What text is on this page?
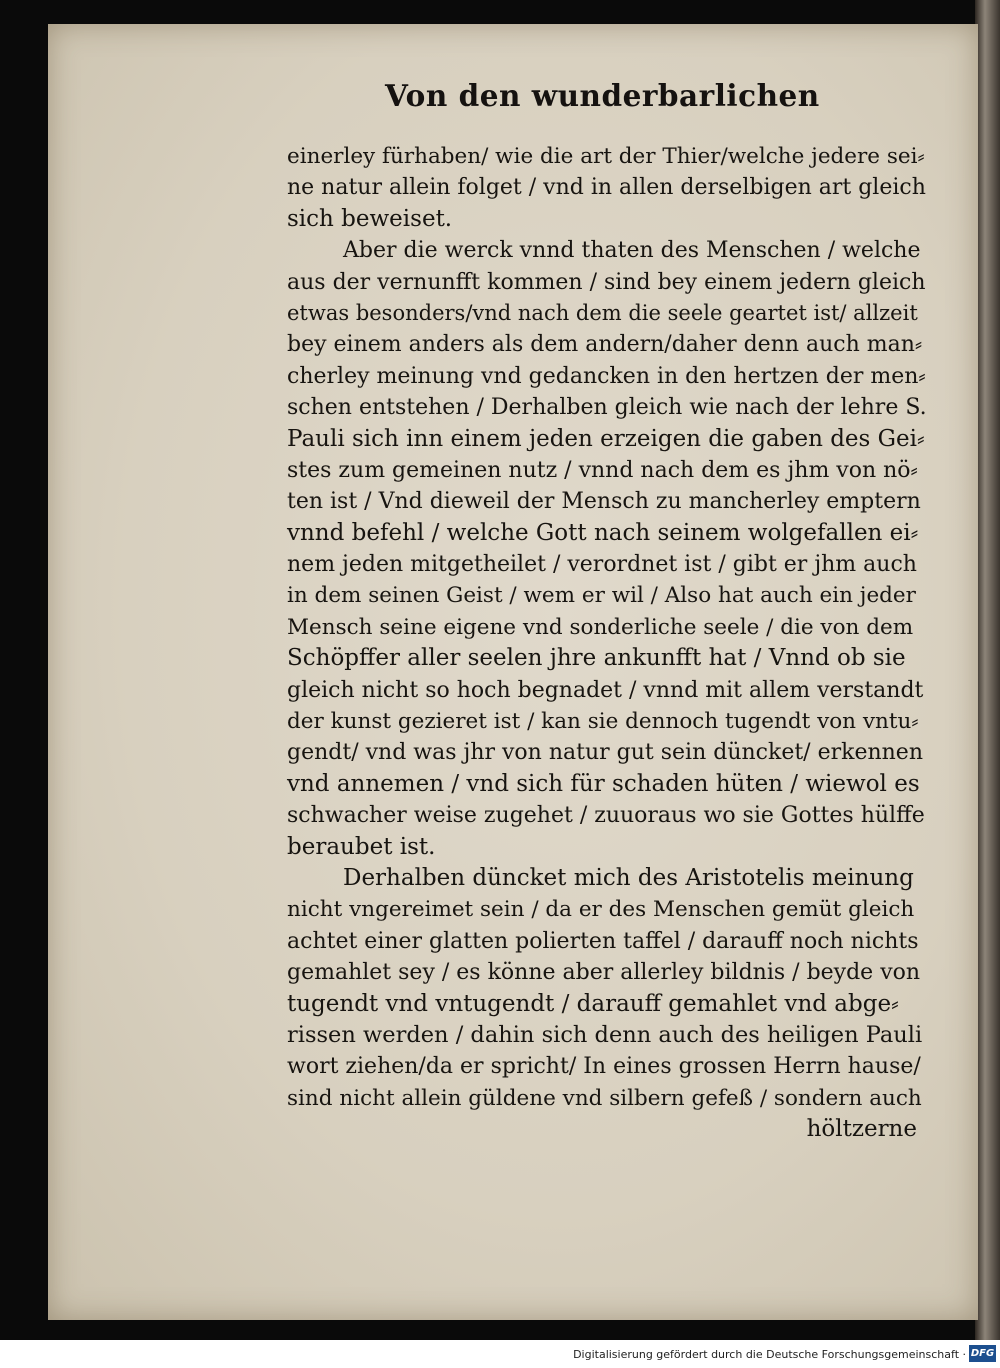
Von den wunderbarlichen
einerley fürhaben/ wie die art der Thier/welche jedere sei⸗
ne natur allein folget / vnd in allen derselbigen art gleich
sich beweiset.
Aber die werck vnnd thaten des Menschen / welche
aus der vernunfft kommen / sind bey einem jedern gleich
etwas besonders/vnd nach dem die seele geartet ist/ allzeit
bey einem anders als dem andern/daher denn auch man⸗
cherley meinung vnd gedancken in den hertzen der men⸗
schen entstehen / Derhalben gleich wie nach der lehre S.
Pauli sich inn einem jeden erzeigen die gaben des Gei⸗
stes zum gemeinen nutz / vnnd nach dem es jhm von nö⸗
ten ist / Vnd dieweil der Mensch zu mancherley emptern
vnnd befehl / welche Gott nach seinem wolgefallen ei⸗
nem jeden mitgetheilet / verordnet ist / gibt er jhm auch
in dem seinen Geist / wem er wil / Also hat auch ein jeder
Mensch seine eigene vnd sonderliche seele / die von dem
Schöpffer aller seelen jhre ankunfft hat / Vnnd ob sie
gleich nicht so hoch begnadet / vnnd mit allem verstandt
der kunst gezieret ist / kan sie dennoch tugendt von vntu⸗
gendt/ vnd was jhr von natur gut sein düncket/ erkennen
vnd annemen / vnd sich für schaden hüten / wiewol es
schwacher weise zugehet / zuuoraus wo sie Gottes hülffe
beraubet ist.
Derhalben düncket mich des Aristotelis meinung
nicht vngereimet sein / da er des Menschen gemüt gleich
achtet einer glatten polierten taffel / darauff noch nichts
gemahlet sey / es könne aber allerley bildnis / beyde von
tugendt vnd vntugendt / darauff gemahlet vnd abge⸗
rissen werden / dahin sich denn auch des heiligen Pauli
wort ziehen/da er spricht/ In eines grossen Herrn hause/
sind nicht allein güldene vnd silbern gefeß / sondern auch
höltzerne
Digitalisierung gefördert durch die Deutsche Forschungsgemeinschaft · DFG
